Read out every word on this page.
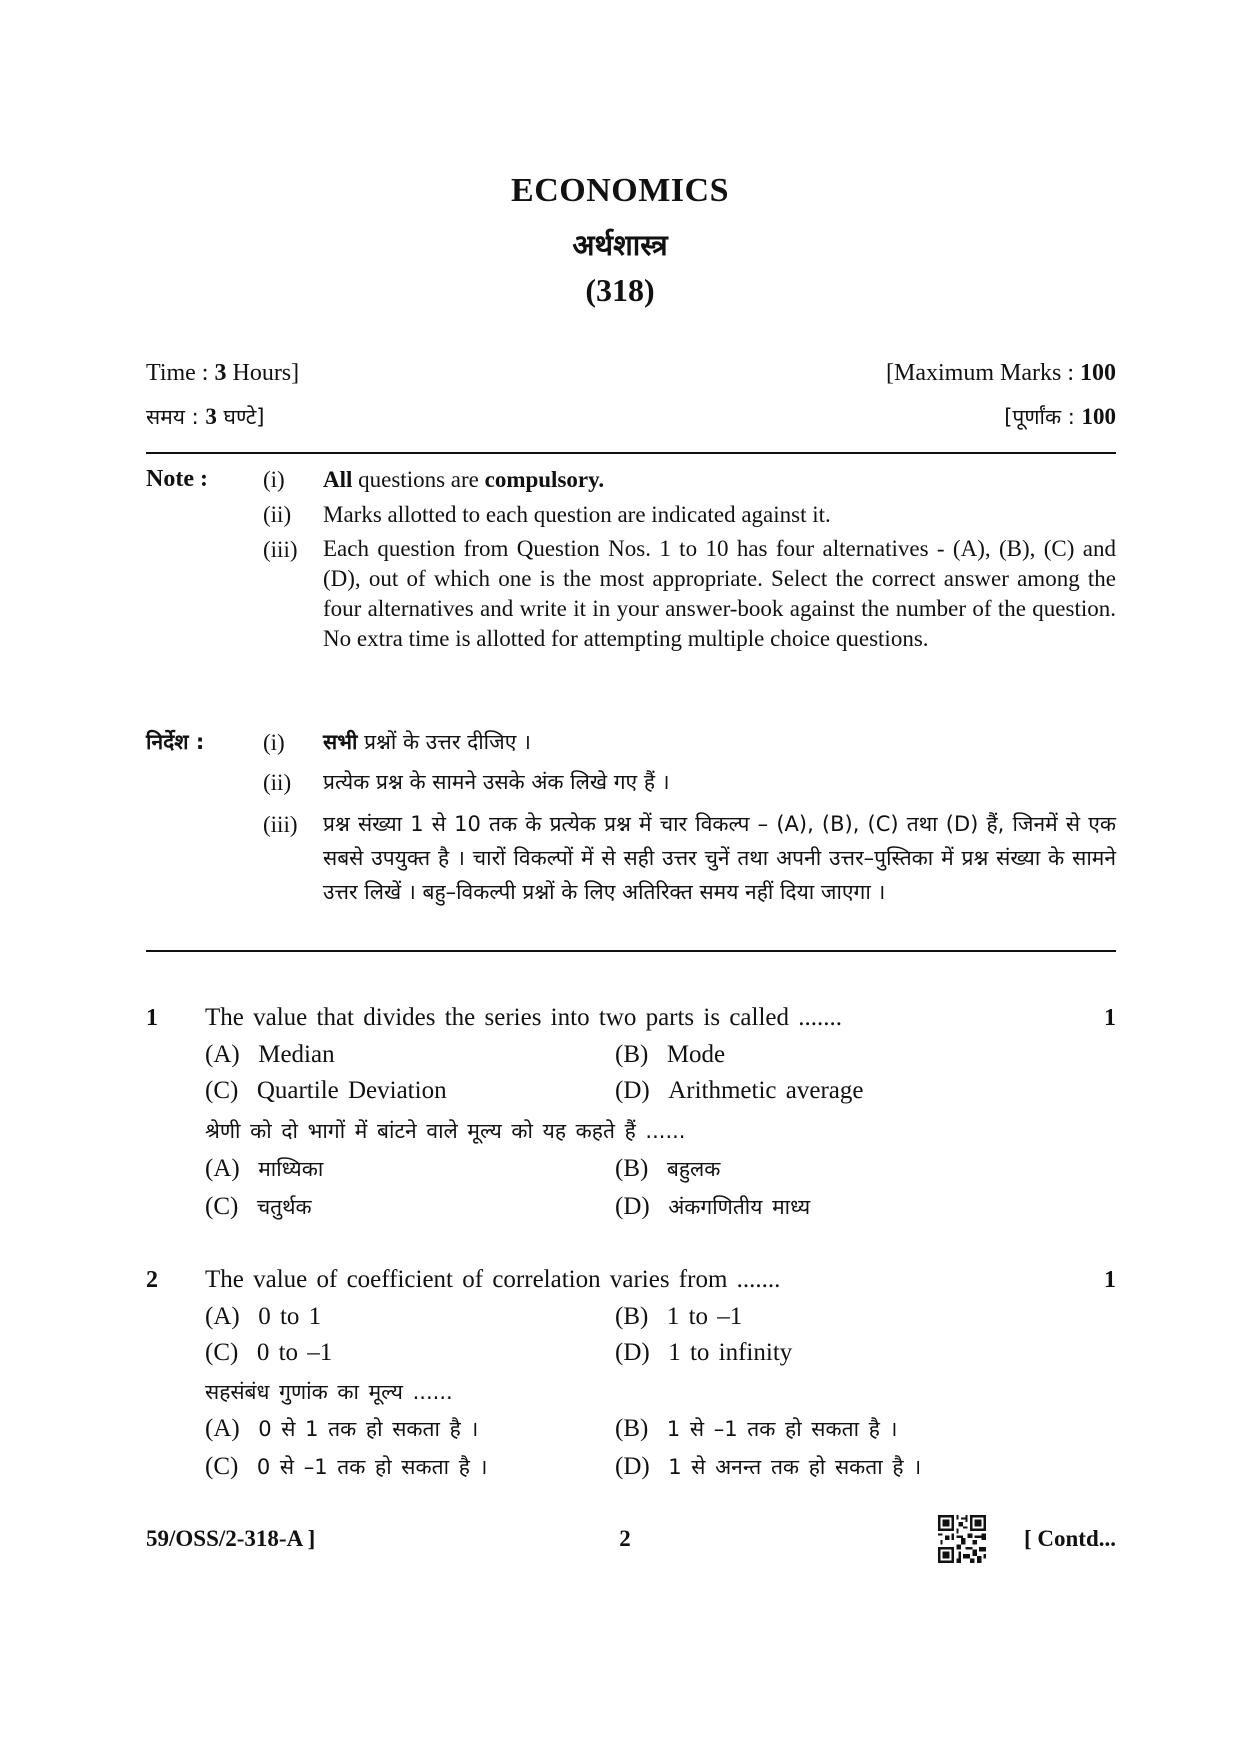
ECONOMICS
अर्थशास्त्र
(318)
Time : 3 Hours]	[Maximum Marks : 100
समय : 3 घण्टे]	[पूर्णांक : 100
Note : (i) All questions are compulsory.
(ii) Marks allotted to each question are indicated against it.
(iii) Each question from Question Nos. 1 to 10 has four alternatives - (A), (B), (C) and (D), out of which one is the most appropriate. Select the correct answer among the four alternatives and write it in your answer-book against the number of the question. No extra time is allotted for attempting multiple choice questions.
निर्देश :	(i) सभी प्रश्नों के उत्तर दीजिए ।
(ii) प्रत्येक प्रश्न के सामने उसके अंक लिखे गए हैं ।
(iii) प्रश्न संख्या 1 से 10 तक के प्रत्येक प्रश्न में चार विकल्प – (A), (B), (C) तथा (D) हैं, जिनमें से एक सबसे उपयुक्त है । चारों विकल्पों में से सही उत्तर चुनें तथा अपनी उत्तर–पुस्तिका में प्रश्न संख्या के सामने उत्तर लिखें । बहु–विकल्पी प्रश्नों के लिए अतिरिक्त समय नहीं दिया जाएगा ।
1 The value that divides the series into two parts is called .......	1
(A) Median	(B) Mode
(C) Quartile Deviation	(D) Arithmetic average
श्रेणी को दो भागों में बांटने वाले मूल्य को यह कहते हैं ......
(A) माध्यिका	(B) बहुलक
(C) चतुर्थक	(D) अंकगणितीय माध्य
2 The value of coefficient of correlation varies from .......	1
(A) 0 to 1	(B) 1 to –1
(C) 0 to –1	(D) 1 to infinity
सहसंबंध गुणांक का मूल्य ......
(A) 0 से 1 तक हो सकता है ।	(B) 1 से –1 तक हो सकता है ।
(C) 0 से –1 तक हो सकता है ।	(D) 1 से अनन्त तक हो सकता है ।
59/OSS/2-318-A ]	2	[ Contd...
